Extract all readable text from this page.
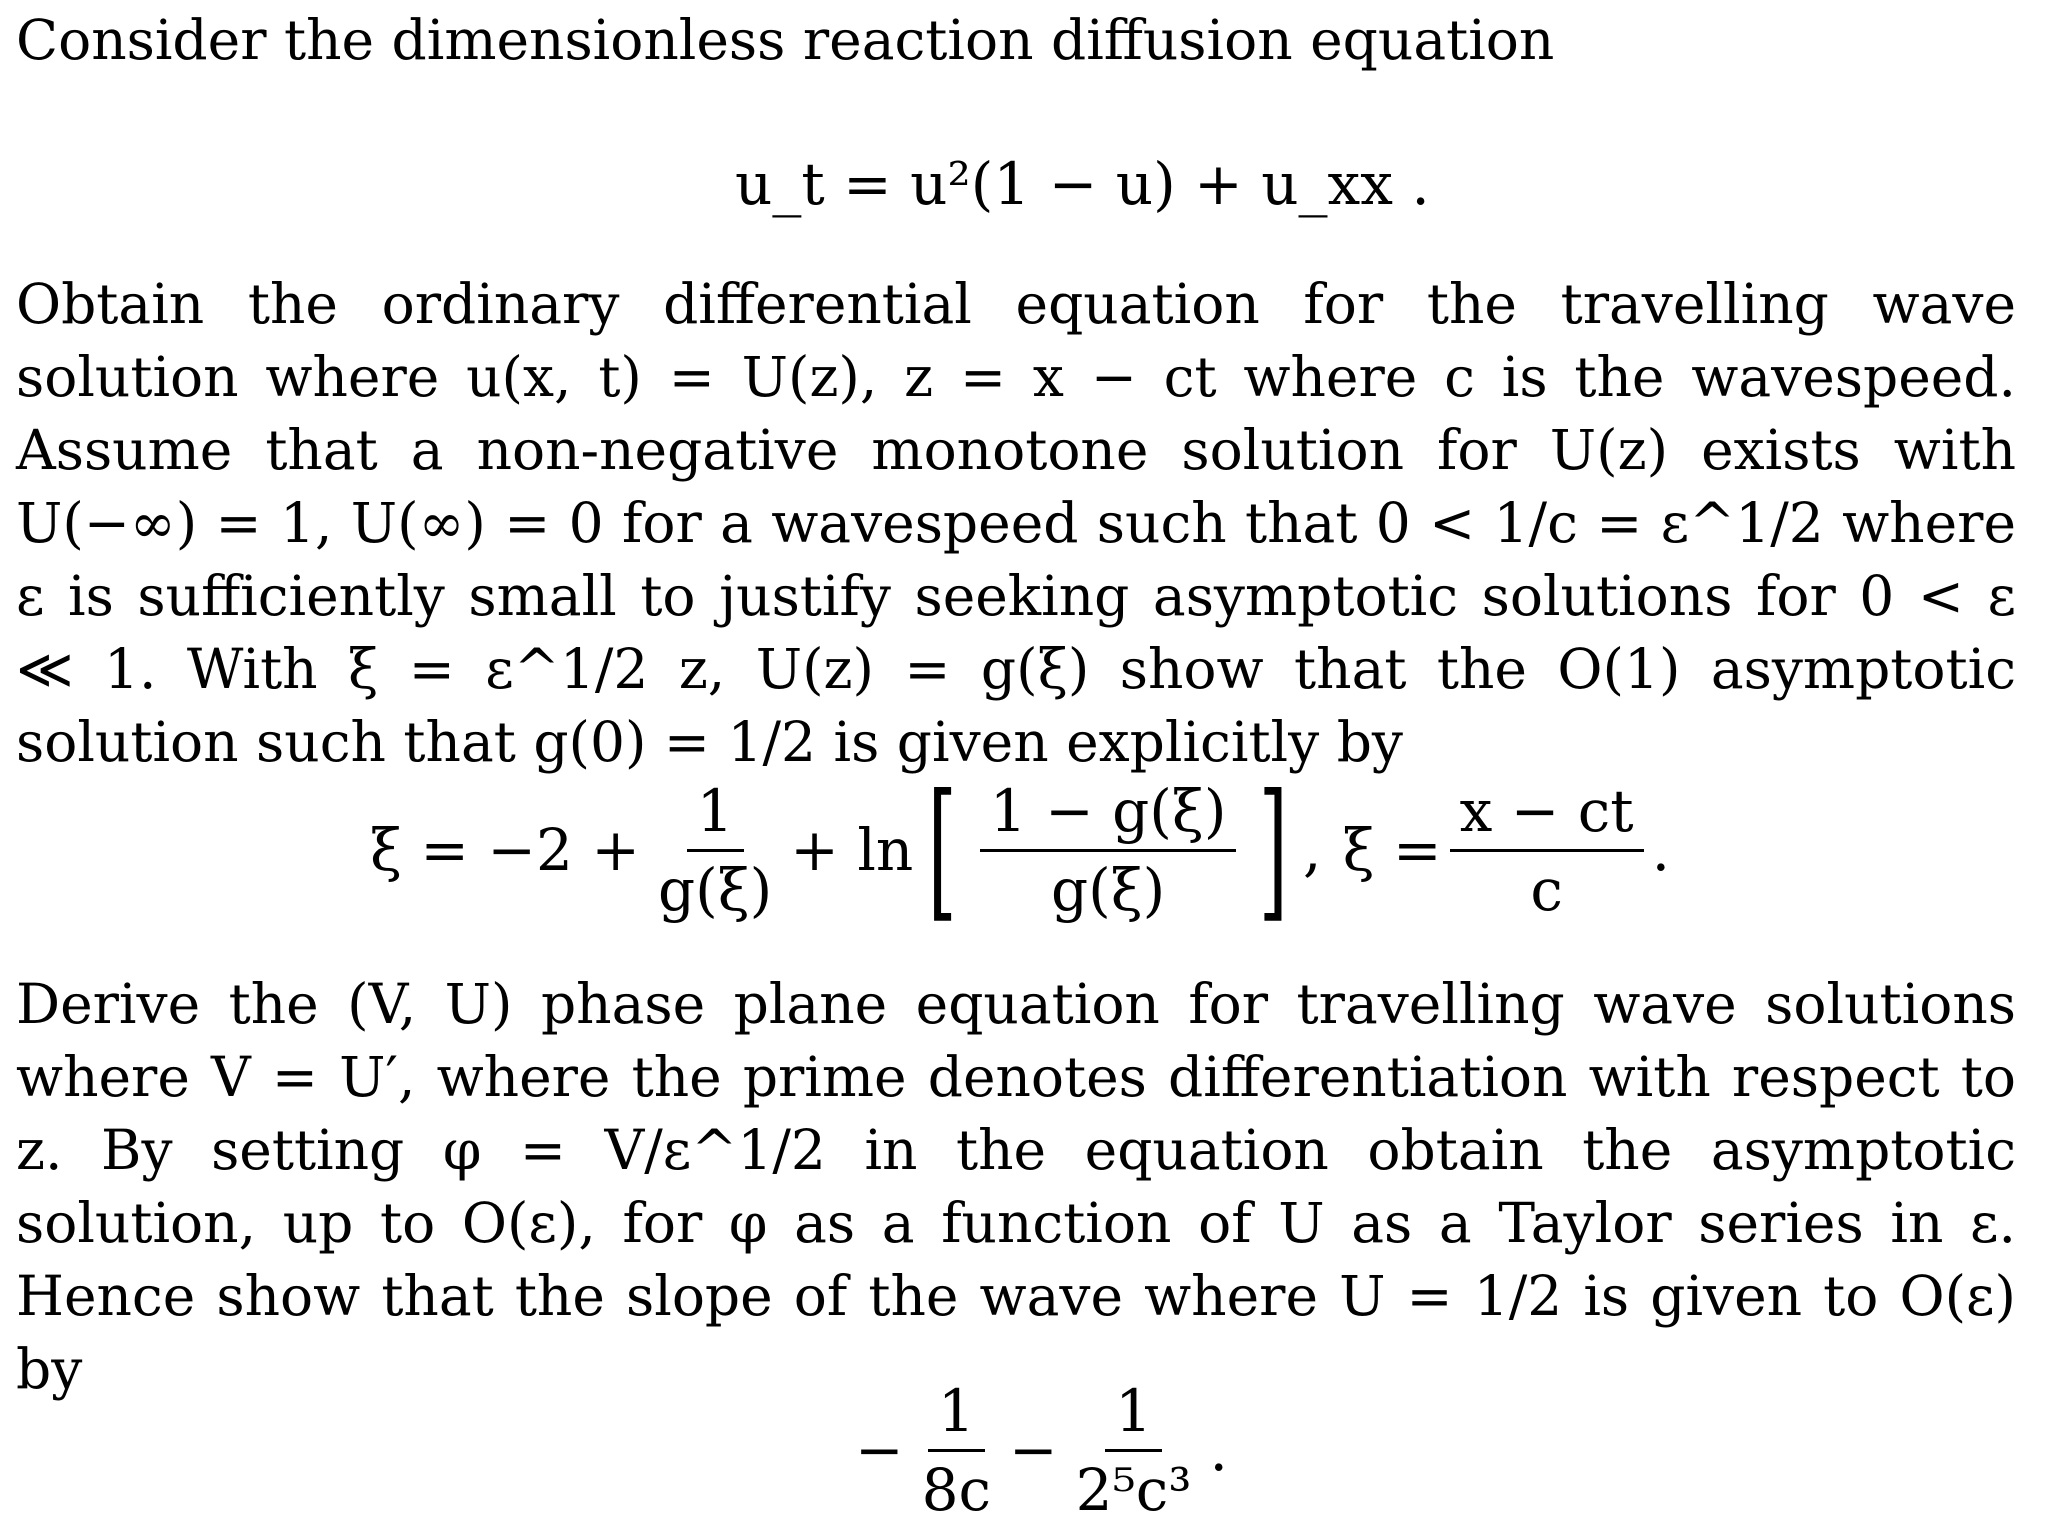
Consider the dimensionless reaction diffusion equation

u_t = u²(1 − u) + u_xx .

Obtain the ordinary differential equation for the travelling wave solution where u(x, t) = U(z), z = x − ct where c is the wavespeed. Assume that a non-negative monotone solution for U(z) exists with U(−∞) = 1, U(∞) = 0 for a wavespeed such that 0 < 1/c = ε^1/2 where ε is sufficiently small to justify seeking asymptotic solutions for 0 < ε ≪ 1. With ξ = ε^1/2 z, U(z) = g(ξ) show that the O(1) asymptotic solution such that g(0) = 1/2 is given explicitly by

$\xi = -2 + \frac{1}{g(\xi)} + \ln$ [ $\frac{1 - g(\xi)}{g(\xi)}$ ] , $\xi = \frac{x - ct}{c}$ .

Derive the (V, U) phase plane equation for travelling wave solutions where V = U′, where the prime denotes differentiation with respect to z. By setting φ = V/ε^1/2 in the equation obtain the asymptotic solution, up to O(ε), for φ as a function of U as a Taylor series in ε. Hence show that the slope of the wave where U = 1/2 is given to O(ε) by

− $\frac{1}{8c} - \frac{1}{\text{2⁵c³}}$ .
